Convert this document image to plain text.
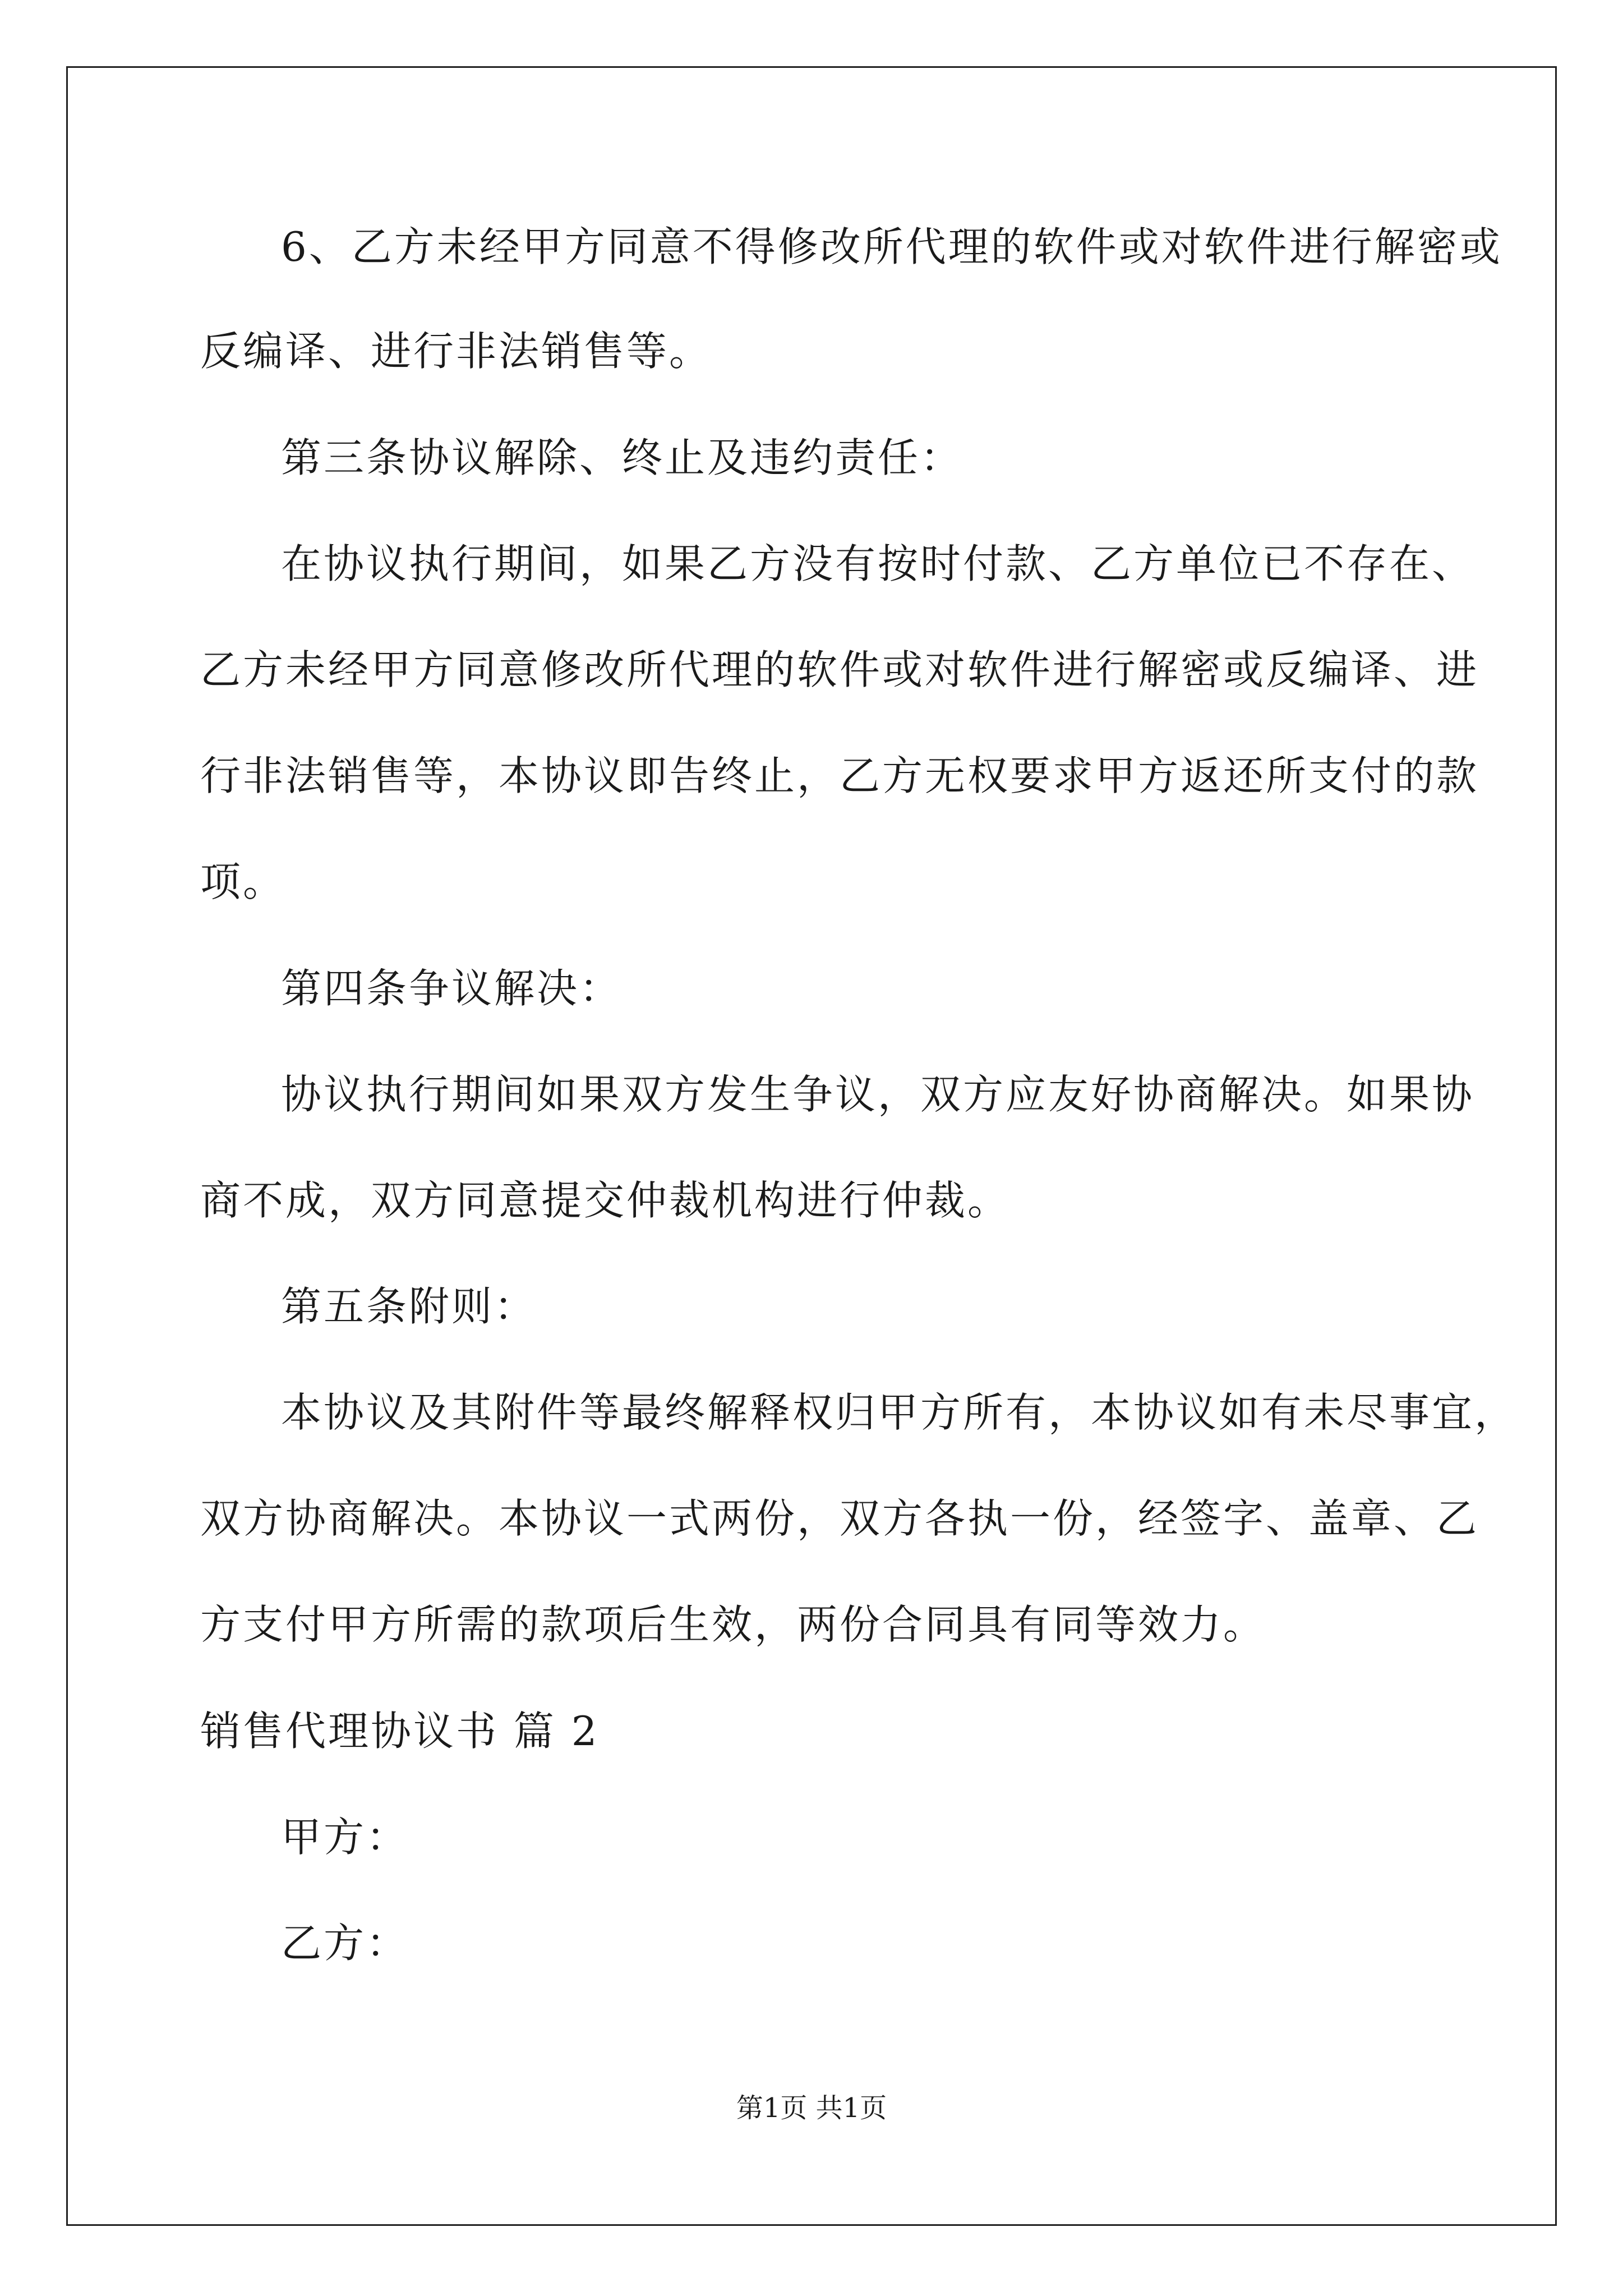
6、乙方未经甲方同意不得修改所代理的软件或对软件进行解密或
反编译、进行非法销售等。
第三条协议解除、终止及违约责任：
在协议执行期间，如果乙方没有按时付款、乙方单位已不存在、
乙方未经甲方同意修改所代理的软件或对软件进行解密或反编译、进
行非法销售等，本协议即告终止，乙方无权要求甲方返还所支付的款
项。
第四条争议解决：
协议执行期间如果双方发生争议，双方应友好协商解决。如果协
商不成，双方同意提交仲裁机构进行仲裁。
第五条附则：
本协议及其附件等最终解释权归甲方所有，本协议如有未尽事宜，
双方协商解决。本协议一式两份，双方各执一份，经签字、盖章、乙
方支付甲方所需的款项后生效，两份合同具有同等效力。
销售代理协议书 篇 2
甲方：
乙方：
第1页 共1页
